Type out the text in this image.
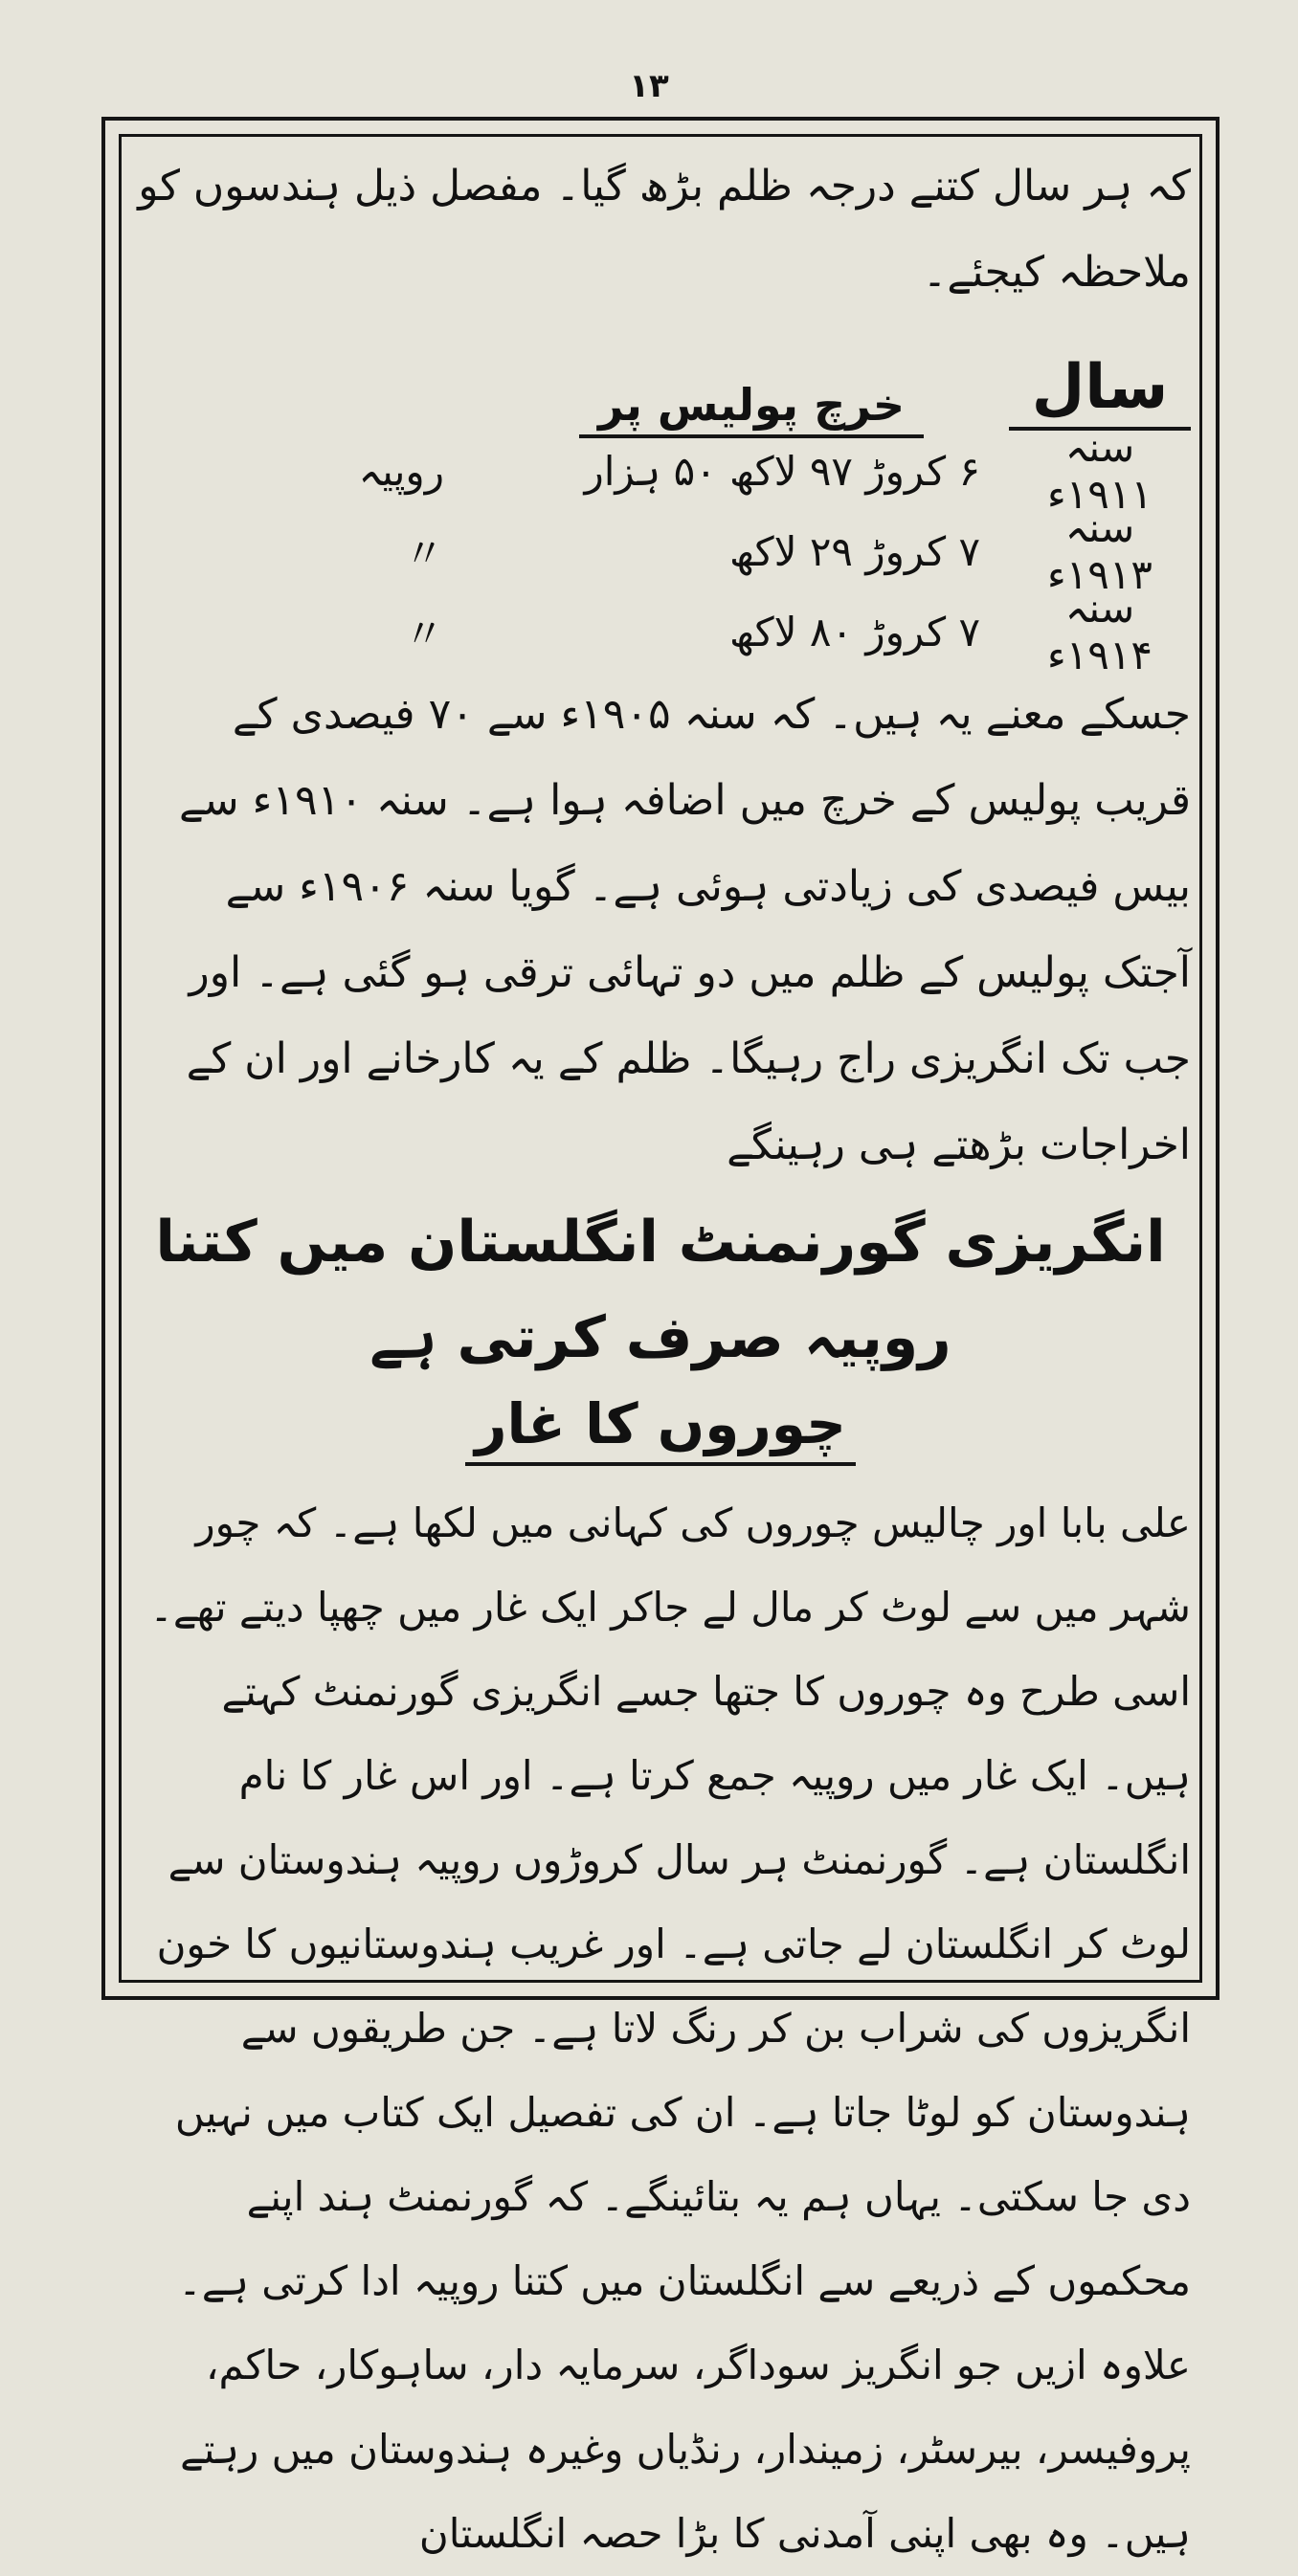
۱۳

کہ ہر سال کتنے درجہ ظلم بڑھ گیا۔ مفصل ذیل ہندسوں کو ملاحظہ کیجئے۔

سال
خرچ پولیس پر
سنہ ۱۹۱۱ء
۶ کروڑ ۹۷ لاکھ ۵۰ ہزار
روپیہ
سنہ ۱۹۱۳ء
۷ کروڑ ۲۹ لاکھ
〃
سنہ ۱۹۱۴ء
۷ کروڑ ۸۰ لاکھ
〃

جسکے معنے یہ ہیں۔ کہ سنہ ۱۹۰۵ء سے ۷۰ فیصدی کے قریب پولیس کے خرچ میں اضافہ ہوا ہے۔ سنہ ۱۹۱۰ء سے بیس فیصدی کی زیادتی ہوئی ہے۔ گویا سنہ ۱۹۰۶ء سے آجتک پولیس کے ظلم میں دو تہائی ترقی ہو گئی ہے۔ اور جب تک انگریزی راج رہیگا۔ ظلم کے یہ کارخانے اور ان کے اخراجات بڑھتے ہی رہینگے

انگریزی گورنمنٹ انگلستان میں کتنا روپیہ صرف کرتی ہے
چوروں کا غار

علی بابا اور چالیس چوروں کی کہانی میں لکھا ہے۔ کہ چور شہر میں سے لوٹ کر مال لے جاکر ایک غار میں چھپا دیتے تھے۔ اسی طرح وہ چوروں کا جتھا جسے انگریزی گورنمنٹ کہتے ہیں۔ ایک غار میں روپیہ جمع کرتا ہے۔ اور اس غار کا نام انگلستان ہے۔ گورنمنٹ ہر سال کروڑوں روپیہ ہندوستان سے لوٹ کر انگلستان لے جاتی ہے۔ اور غریب ہندوستانیوں کا خون انگریزوں کی شراب بن کر رنگ لاتا ہے۔ جن طریقوں سے ہندوستان کو لوٹا جاتا ہے۔ ان کی تفصیل ایک کتاب میں نہیں دی جا سکتی۔ یہاں ہم یہ بتائینگے۔ کہ گورنمنٹ ہند اپنے محکموں کے ذریعے سے انگلستان میں کتنا روپیہ ادا کرتی ہے۔ علاوہ ازیں جو انگریز سوداگر، سرمایہ دار، ساہوکار، حاکم، پروفیسر، بیرسٹر، زمیندار، رنڈیاں وغیرہ ہندوستان میں رہتے ہیں۔ وہ بھی اپنی آمدنی کا بڑا حصہ انگلستان
